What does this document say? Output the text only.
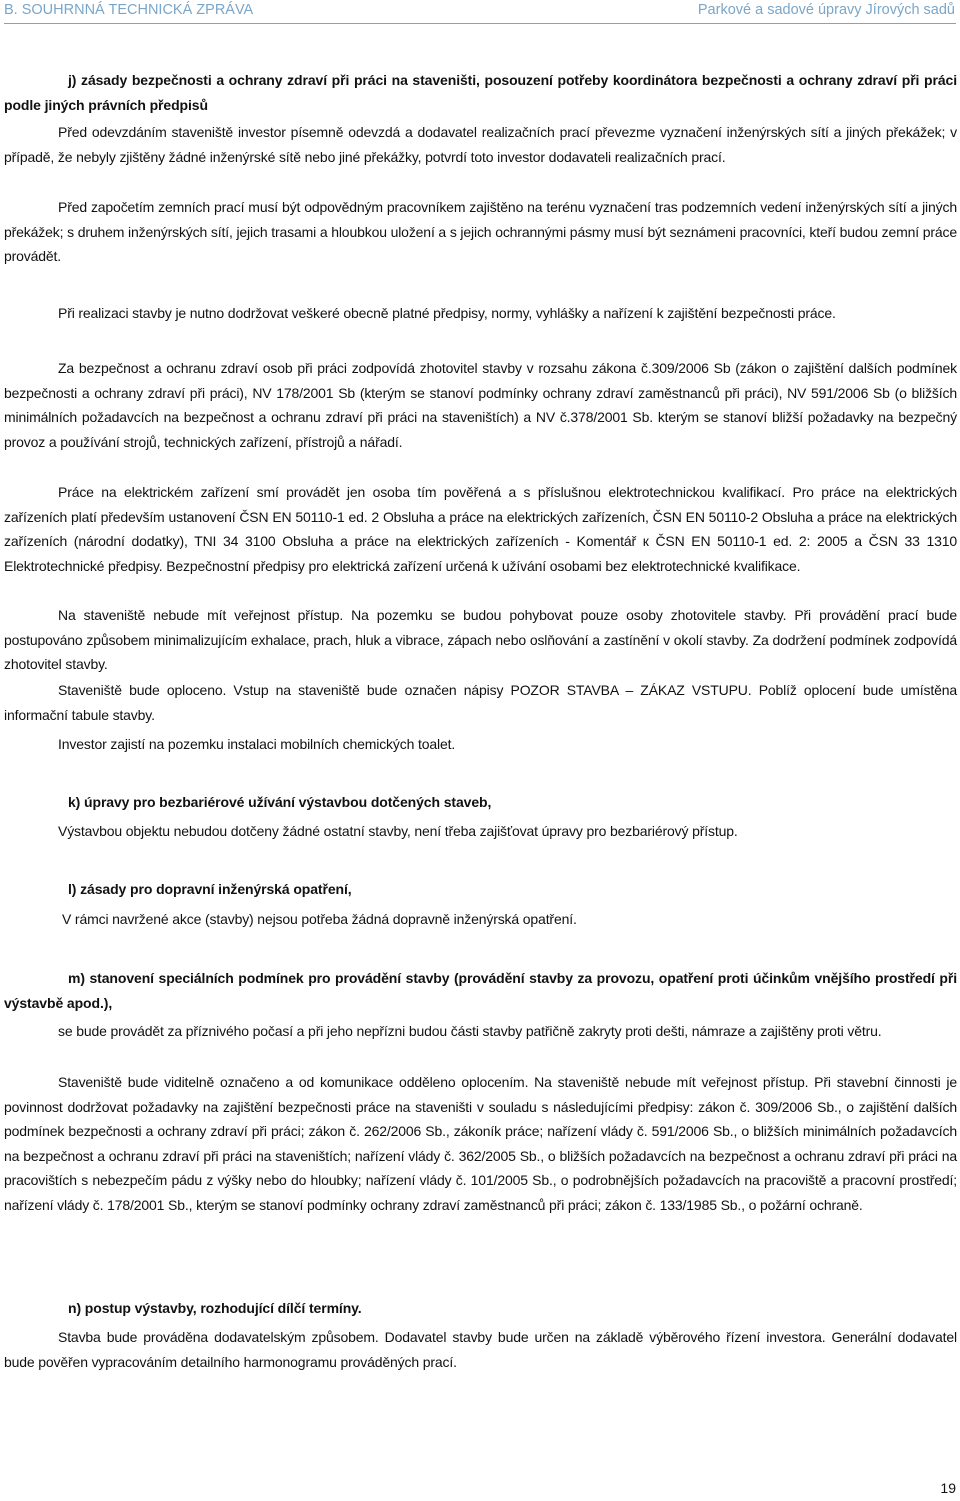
B. SOUHRNNÁ TECHNICKÁ ZPRÁVA	Parkové a sadové úpravy Jírových sadů

j) zásady bezpečnosti a ochrany zdraví při práci na staveništi, posouzení potřeby koordinátora bezpečnosti a ochrany zdraví při práci podle jiných právních předpisů

Před odevzdáním staveniště investor písemně odevzdá a dodavatel realizačních prací převezme vyznačení inženýrských sítí a jiných překážek; v případě, že nebyly zjištěny žádné inženýrské sítě nebo jiné překážky, potvrdí toto investor dodavateli realizačních prací.

Před započetím zemních prací musí být odpovědným pracovníkem zajištěno na terénu vyznačení tras podzemních vedení inženýrských sítí a jiných překážek; s druhem inženýrských sítí, jejich trasami a hloubkou uložení a s jejich ochrannými pásmy musí být seznámeni pracovníci, kteří budou zemní práce provádět.

Při realizaci stavby je nutno dodržovat veškeré obecně platné předpisy, normy, vyhlášky a nařízení k zajištění bezpečnosti práce.

Za bezpečnost a ochranu zdraví osob při práci zodpovídá zhotovitel stavby v rozsahu zákona č.309/2006 Sb (zákon o zajištění dalších podmínek bezpečnosti a ochrany zdraví při práci), NV 178/2001 Sb (kterým se stanoví podmínky ochrany zdraví zaměstnanců při práci), NV 591/2006 Sb (o bližších minimálních požadavcích na bezpečnost a ochranu zdraví při práci na staveništích) a NV č.378/2001 Sb. kterým se stanoví bližší požadavky na bezpečný provoz a používání strojů, technických zařízení, přístrojů a nářadí.

Práce na elektrickém zařízení smí provádět jen osoba tím pověřená a s příslušnou elektrotechnickou kvalifikací. Pro práce na elektrických zařízeních platí především ustanovení ČSN EN 50110-1 ed. 2 Obsluha a práce na elektrických zařízeních, ČSN EN 50110-2 Obsluha a práce na elektrických zařízeních (národní dodatky), TNI 34 3100 Obsluha a práce na elektrických zařízeních - Komentář к ČSN EN 50110-1 ed. 2: 2005 a ČSN 33 1310 Elektrotechnické předpisy. Bezpečnostní předpisy pro elektrická zařízení určená k užívání osobami bez elektrotechnické kvalifikace.

Na staveniště nebude mít veřejnost přístup. Na pozemku se budou pohybovat pouze osoby zhotovitele stavby. Při provádění prací bude postupováno způsobem minimalizujícím exhalace, prach, hluk a vibrace, zápach nebo oslňování a zastínění v okolí stavby. Za dodržení podmínek zodpovídá zhotovitel stavby.

Staveniště bude oploceno. Vstup na staveniště bude označen nápisy POZOR STAVBA – ZÁKAZ VSTUPU. Poblíž oplocení bude umístěna informační tabule stavby.

Investor zajistí na pozemku instalaci mobilních chemických toalet.

k) úpravy pro bezbariérové užívání výstavbou dotčených staveb,

Výstavbou objektu nebudou dotčeny žádné ostatní stavby, není třeba zajišťovat úpravy pro bezbariérový přístup.

l) zásady pro dopravní inženýrská opatření,

V rámci navržené akce (stavby) nejsou potřeba žádná dopravně inženýrská opatření.

m) stanovení speciálních podmínek pro provádění stavby (provádění stavby za provozu, opatření proti účinkům vnějšího prostředí při výstavbě apod.),

se bude provádět za příznivého počasí a při jeho nepřízni budou části stavby patřičně zakryty proti dešti, námraze a zajištěny proti větru.

Staveniště bude viditelně označeno a od komunikace odděleno oplocením. Na staveniště nebude mít veřejnost přístup. Při stavební činnosti je povinnost dodržovat požadavky na zajištění bezpečnosti práce na staveništi v souladu s následujícími předpisy: zákon č. 309/2006 Sb., o zajištění dalších podmínek bezpečnosti a ochrany zdraví při práci; zákon č. 262/2006 Sb., zákoník práce; nařízení vlády č. 591/2006 Sb., o bližších minimálních požadavcích na bezpečnost a ochranu zdraví při práci na staveništích; nařízení vlády č. 362/2005 Sb., o bližších požadavcích na bezpečnost a ochranu zdraví při práci na pracovištích s nebezpečím pádu z výšky nebo do hloubky; nařízení vlády č. 101/2005 Sb., o podrobnějších požadavcích na pracoviště a pracovní prostředí; nařízení vlády č. 178/2001 Sb., kterým se stanoví podmínky ochrany zdraví zaměstnanců při práci; zákon č. 133/1985 Sb., o požární ochraně.

n) postup výstavby, rozhodující dílčí termíny.

Stavba bude prováděna dodavatelským způsobem. Dodavatel stavby bude určen na základě výběrového řízení investora. Generální dodavatel bude pověřen vypracováním detailního harmonogramu prováděných prací.

19
